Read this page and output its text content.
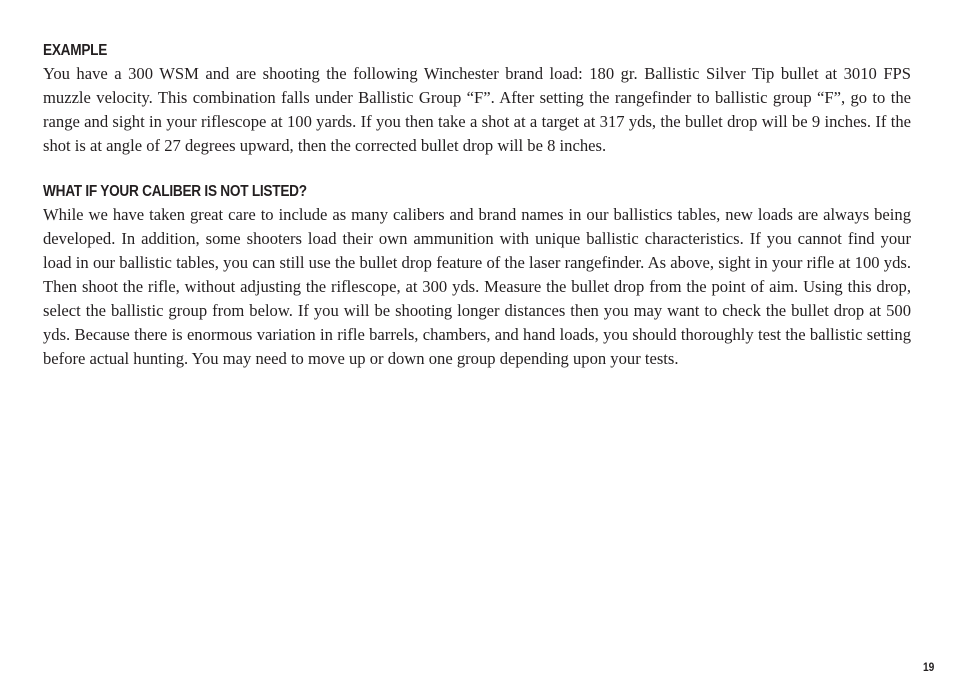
EXAMPLE

You have a 300 WSM and are shooting the following Winchester brand load: 180 gr. Ballistic Silver Tip bullet at 3010 FPS muzzle velocity. This combination falls under Ballistic Group “F”. After setting the rangefinder to ballistic group “F”, go to the range and sight in your riflescope at 100 yards. If you then take a shot at a target at 317 yds, the bullet drop will be 9 inches. If the shot is at angle of 27 degrees upward, then the corrected bullet drop will be 8 inches.

WHAT IF YOUR CALIBER IS NOT LISTED?

While we have taken great care to include as many calibers and brand names in our ballistics tables, new loads are always being developed. In addition, some shooters load their own ammunition with unique ballistic characteristics. If you cannot find your load in our ballistic tables, you can still use the bullet drop feature of the laser rangefinder. As above, sight in your rifle at 100 yds. Then shoot the rifle, without adjusting the riflescope, at 300 yds. Measure the bullet drop from the point of aim. Using this drop, select the ballistic group from below. If you will be shooting longer distances then you may want to check the bullet drop at 500 yds. Because there is enormous variation in rifle barrels, chambers, and hand loads, you should thoroughly test the ballistic setting before actual hunting. You may need to move up or down one group depending upon your tests.

19
